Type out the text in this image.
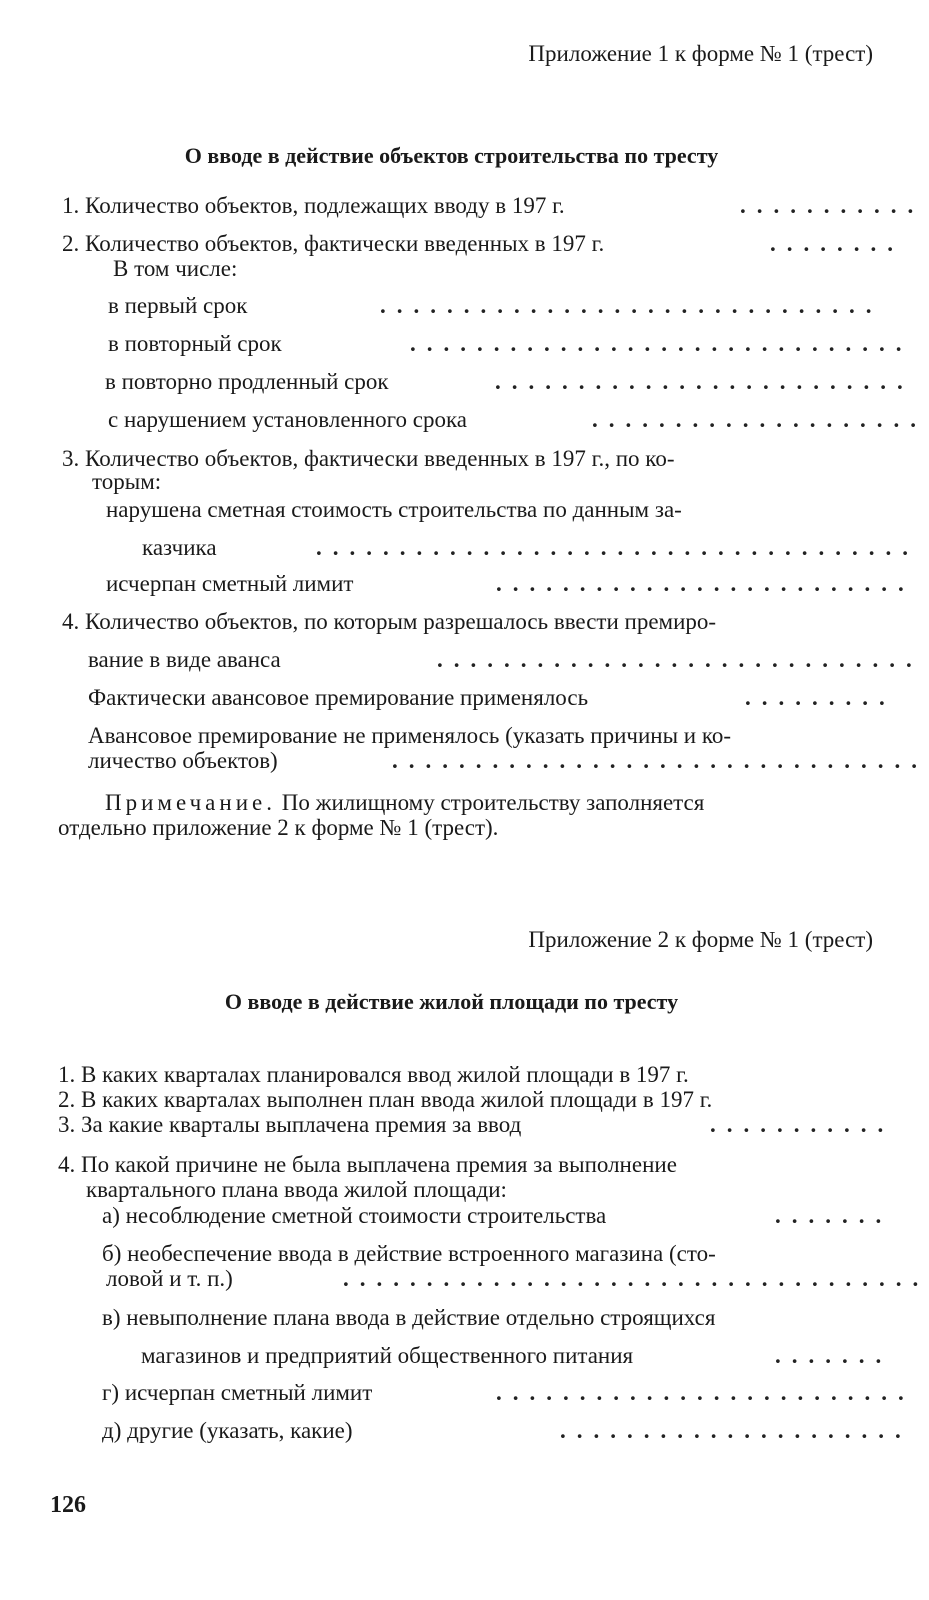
Приложение 1 к форме № 1 (трест)
О вводе в действие объектов строительства по тресту
1. Количество объектов, подлежащих вводу в 197 г.	...........
2. Количество объектов, фактически введенных в 197 г.	........
В том числе:
в первый срок	..............................
в повторный срок	..............................
в повторно продленный срок	.........................
с нарушением установленного срока	....................
3. Количество объектов, фактически введенных в 197 г., по ко-
торым:
нарушена сметная стоимость строительства по данным за-
казчика	....................................
исчерпан сметный лимит	.........................
4. Количество объектов, по которым разрешалось ввести премиро-
вание в виде аванса	.............................
Фактически авансовое премирование применялось	.........
Авансовое премирование не применялось (указать причины и ко-
личество объектов)	................................
Примечание. По жилищному строительству заполняется
отдельно приложение 2 к форме № 1 (трест).
Приложение 2 к форме № 1 (трест)
О вводе в действие жилой площади по тресту
1. В каких кварталах планировался ввод жилой площади в 197 г.
2. В каких кварталах выполнен план ввода жилой площади в 197 г.
3. За какие кварталы выплачена премия за ввод	...........
4. По какой причине не была выплачена премия за выполнение
квартального плана ввода жилой площади:
а) несоблюдение сметной стоимости строительства	.......
б) необеспечение ввода в действие встроенного магазина (сто-
ловой и т. п.)	...................................
в) невыполнение плана ввода в действие отдельно строящихся
магазинов и предприятий общественного питания	.......
г) исчерпан сметный лимит	.........................
д) другие (указать, какие)	.....................
126
